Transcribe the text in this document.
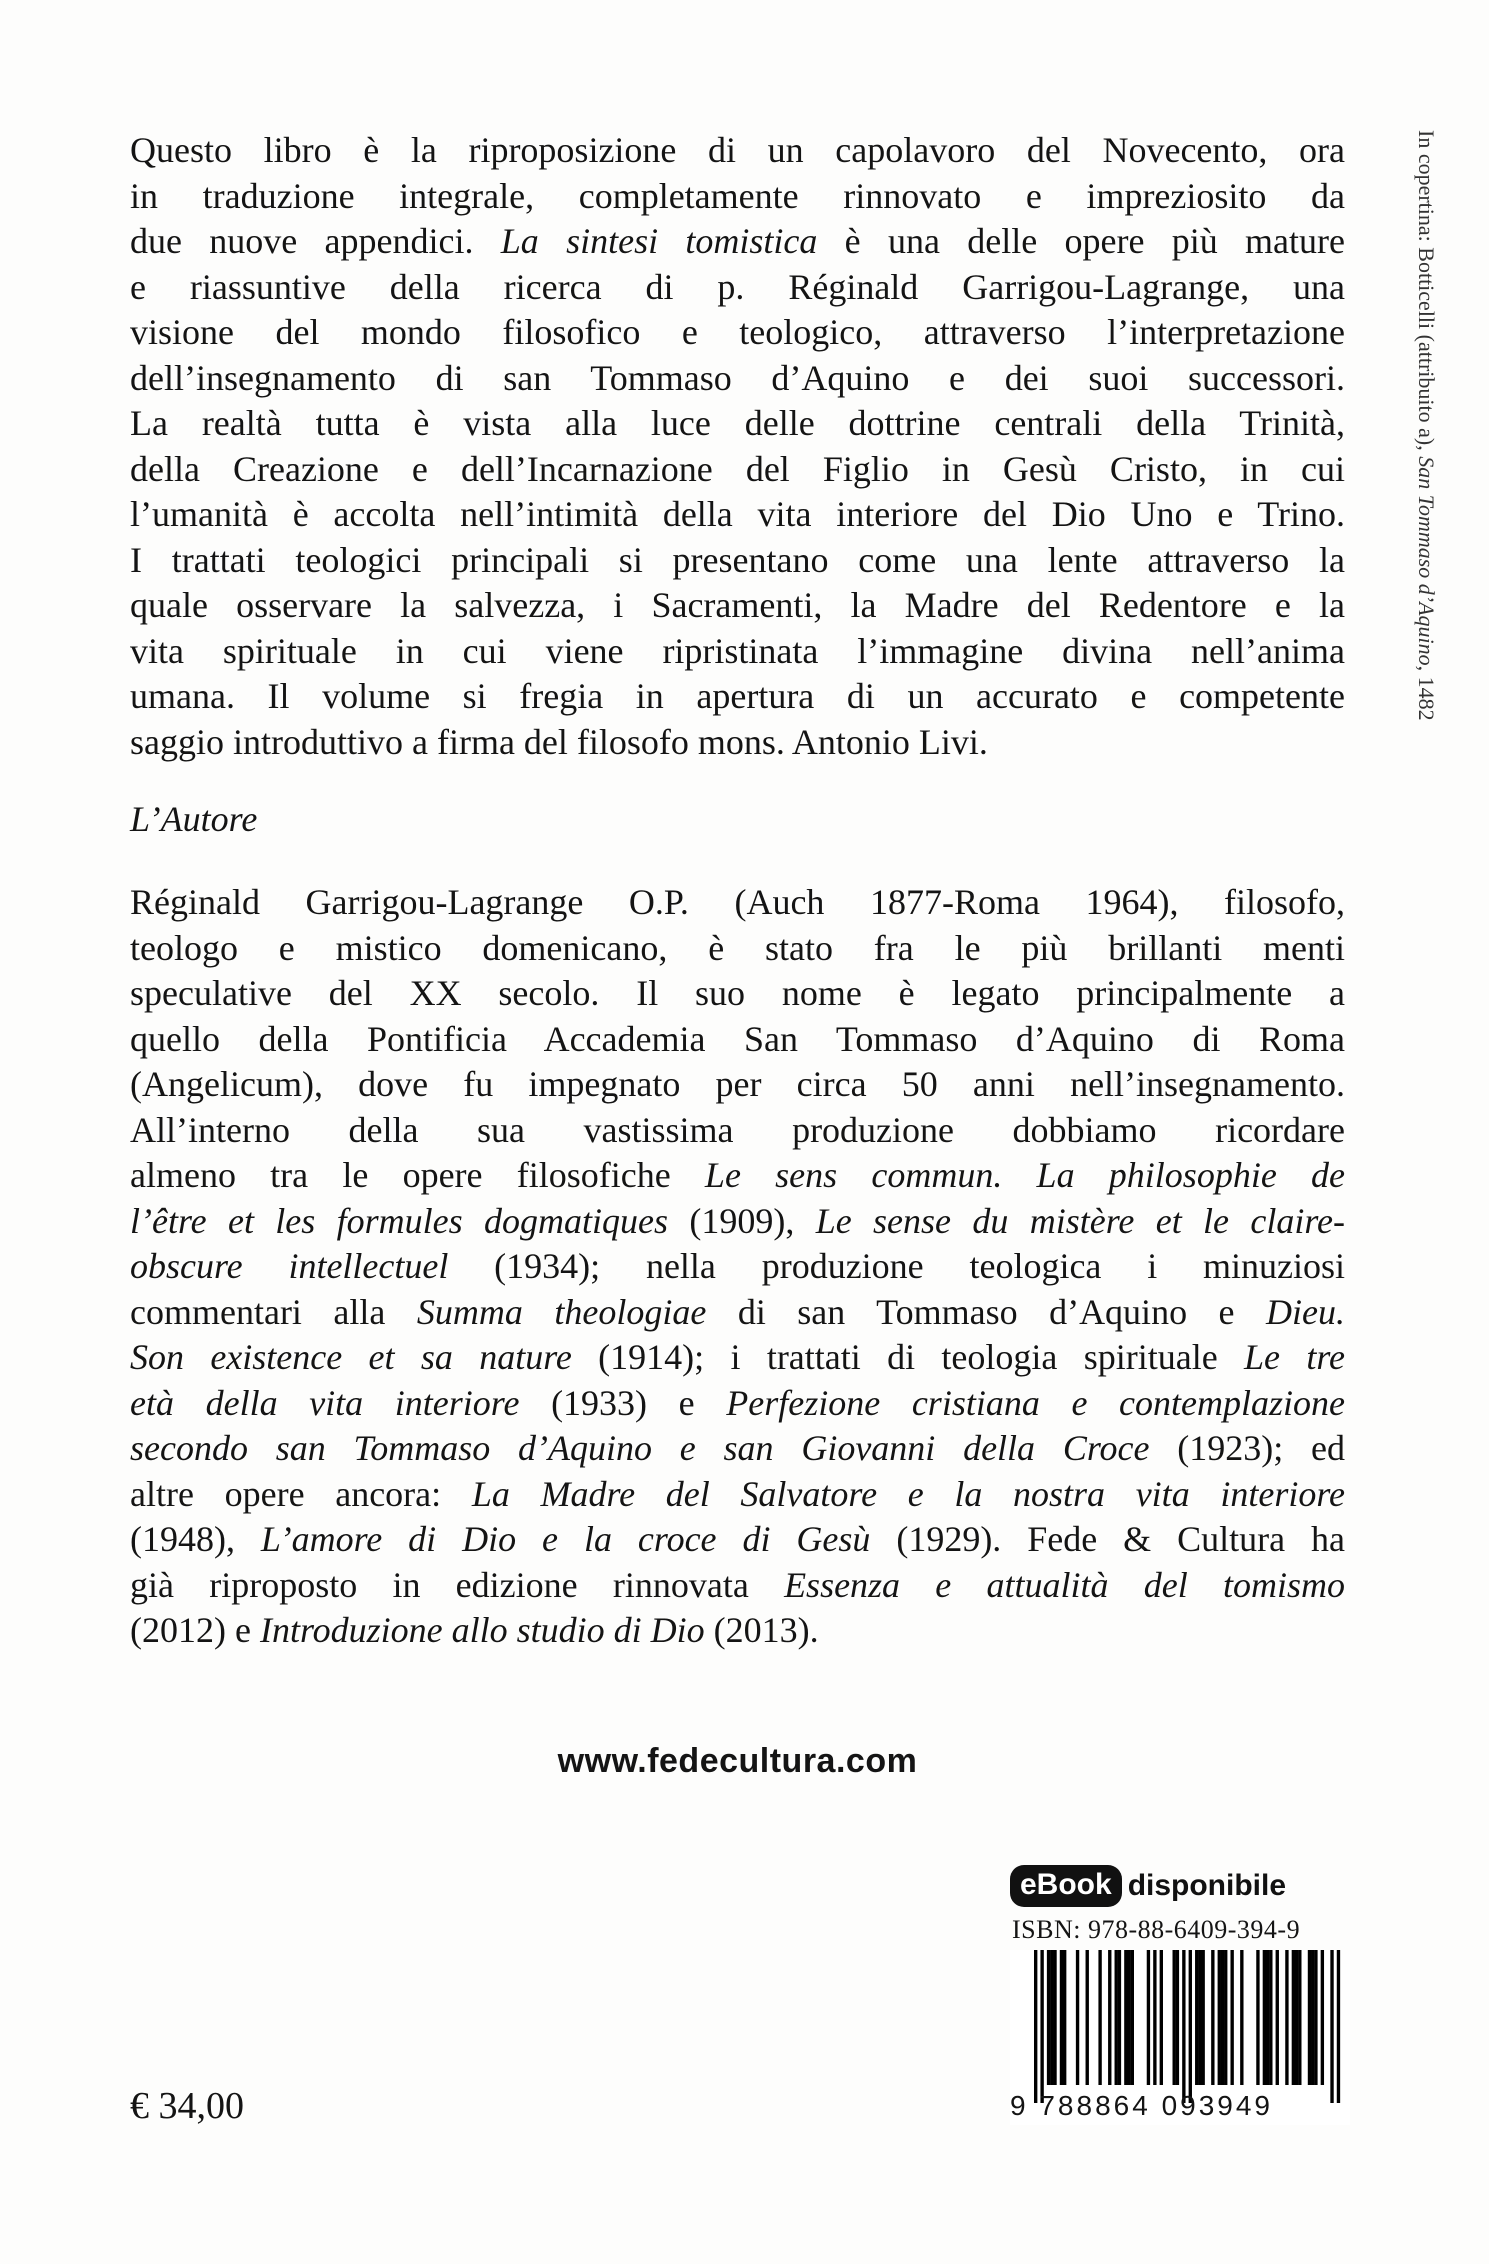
Questo libro è la riproposizione di un capolavoro del Novecento, ora
in traduzione integrale, completamente rinnovato e impreziosito da
due nuove appendici. La sintesi tomistica è una delle opere più mature
e riassuntive della ricerca di p. Réginald Garrigou-Lagrange, una
visione del mondo filosofico e teologico, attraverso l’interpretazione
dell’insegnamento di san Tommaso d’Aquino e dei suoi successori.
La realtà tutta è vista alla luce delle dottrine centrali della Trinità,
della Creazione e dell’Incarnazione del Figlio in Gesù Cristo, in cui
l’umanità è accolta nell’intimità della vita interiore del Dio Uno e Trino.
I trattati teologici principali si presentano come una lente attraverso la
quale osservare la salvezza, i Sacramenti, la Madre del Redentore e la
vita spirituale in cui viene ripristinata l’immagine divina nell’anima
umana. Il volume si fregia in apertura di un accurato e competente
saggio introduttivo a firma del filosofo mons. Antonio Livi.
L’Autore
Réginald Garrigou-Lagrange O.P. (Auch 1877-Roma 1964), filosofo,
teologo e mistico domenicano, è stato fra le più brillanti menti
speculative del XX secolo. Il suo nome è legato principalmente a
quello della Pontificia Accademia San Tommaso d’Aquino di Roma
(Angelicum), dove fu impegnato per circa 50 anni nell’insegnamento.
All’interno della sua vastissima produzione dobbiamo ricordare
almeno tra le opere filosofiche Le sens commun. La philosophie de
l’être et les formules dogmatiques (1909), Le sense du mistère et le claire-
obscure intellectuel (1934); nella produzione teologica i minuziosi
commentari alla Summa theologiae di san Tommaso d’Aquino e Dieu.
Son existence et sa nature (1914); i trattati di teologia spirituale Le tre
età della vita interiore (1933) e Perfezione cristiana e contemplazione
secondo san Tommaso d’Aquino e san Giovanni della Croce (1923); ed
altre opere ancora: La Madre del Salvatore e la nostra vita interiore
(1948), L’amore di Dio e la croce di Gesù (1929). Fede & Cultura ha
già riproposto in edizione rinnovata Essenza e attualità del tomismo
(2012) e Introduzione allo studio di Dio (2013).
In copertina: Botticelli (attribuito a), San Tommaso d’Aquino, 1482
www.fedecultura.com
eBook disponibile
ISBN: 978-88-6409-394-9
9 788864 093949
€ 34,00
